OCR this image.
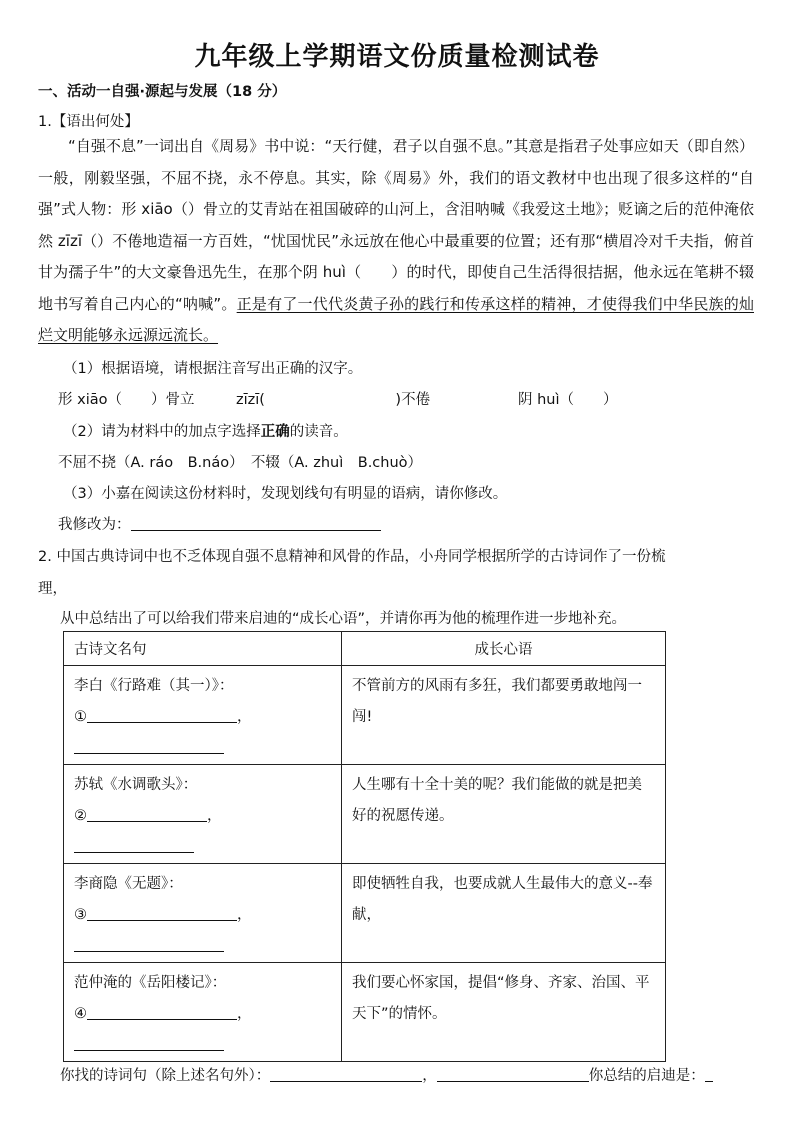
九年级上学期语文份质量检测试卷
一、活动一自强·源起与发展（18 分）
1.【语出何处】
“自强不息”一词出自《周易》书中说：“天行健，君子以自强不息。”其意是指君子处事应如天（即自然）一般，刚毅坚强，不屈不挠，永不停息。其实，除《周易》外，我们的语文教材中也出现了很多这样的“自强”式人物：形 xiāo（）骨立的艾青站在祖国破碎的山河上，含泪呐喊《我爱这土地》；贬谪之后的范仲淹依然 zīzī（）不倦地造福一方百姓，“忧国忧民”永远放在他心中最重要的位置；还有那“横眉冷对千夫指，俯首甘为孺子牛”的大文豪鲁迅先生，在那个阴 huì（　　）的时代，即使自己生活得很拮据，他永远在笔耕不辍地书写着自己内心的“呐喊”。正是有了一代代炎黄子孙的践行和传承这样的精神，才使得我们中华民族的灿烂文明能够永远源远流长。
（1）根据语境，请根据注音写出正确的汉字。
形 xiāo（　　）骨立	zīzī(　　　　　　　　　)不倦	阴 huì（　　）
（2）请为材料中的加点字选择正确的读音。
不屈不挠（A. ráo　B.náo）　不辍（A. zhuì　B.chuò）
（3）小嘉在阅读这份材料时，发现划线句有明显的语病，请你修改。
我修改为：
2. 中国古典诗词中也不乏体现自强不息精神和风骨的作品，小舟同学根据所学的古诗词作了一份梳
理，
从中总结出了可以给我们带来启迪的“成长心语”，并请你再为他的梳理作进一步地补充。
古诗文名句	成长心语

李白《行路难（其一）》：
① ，	不管前方的风雨有多狂，我们都要勇敢地闯一闯!

苏轼《水调歌头》：
② ，	人生哪有十全十美的呢？我们能做的就是把美好的祝愿传递。

李商隐《无题》：
③ ，	即使牺牲自我，也要成就人生最伟大的意义--奉献，

范仲淹的《岳阳楼记》：
④ ，	我们要心怀家国，提倡“修身、齐家、治国、平天下”的情怀。
你找的诗词句（除上述名句外）：	，	你总结的启迪是：
